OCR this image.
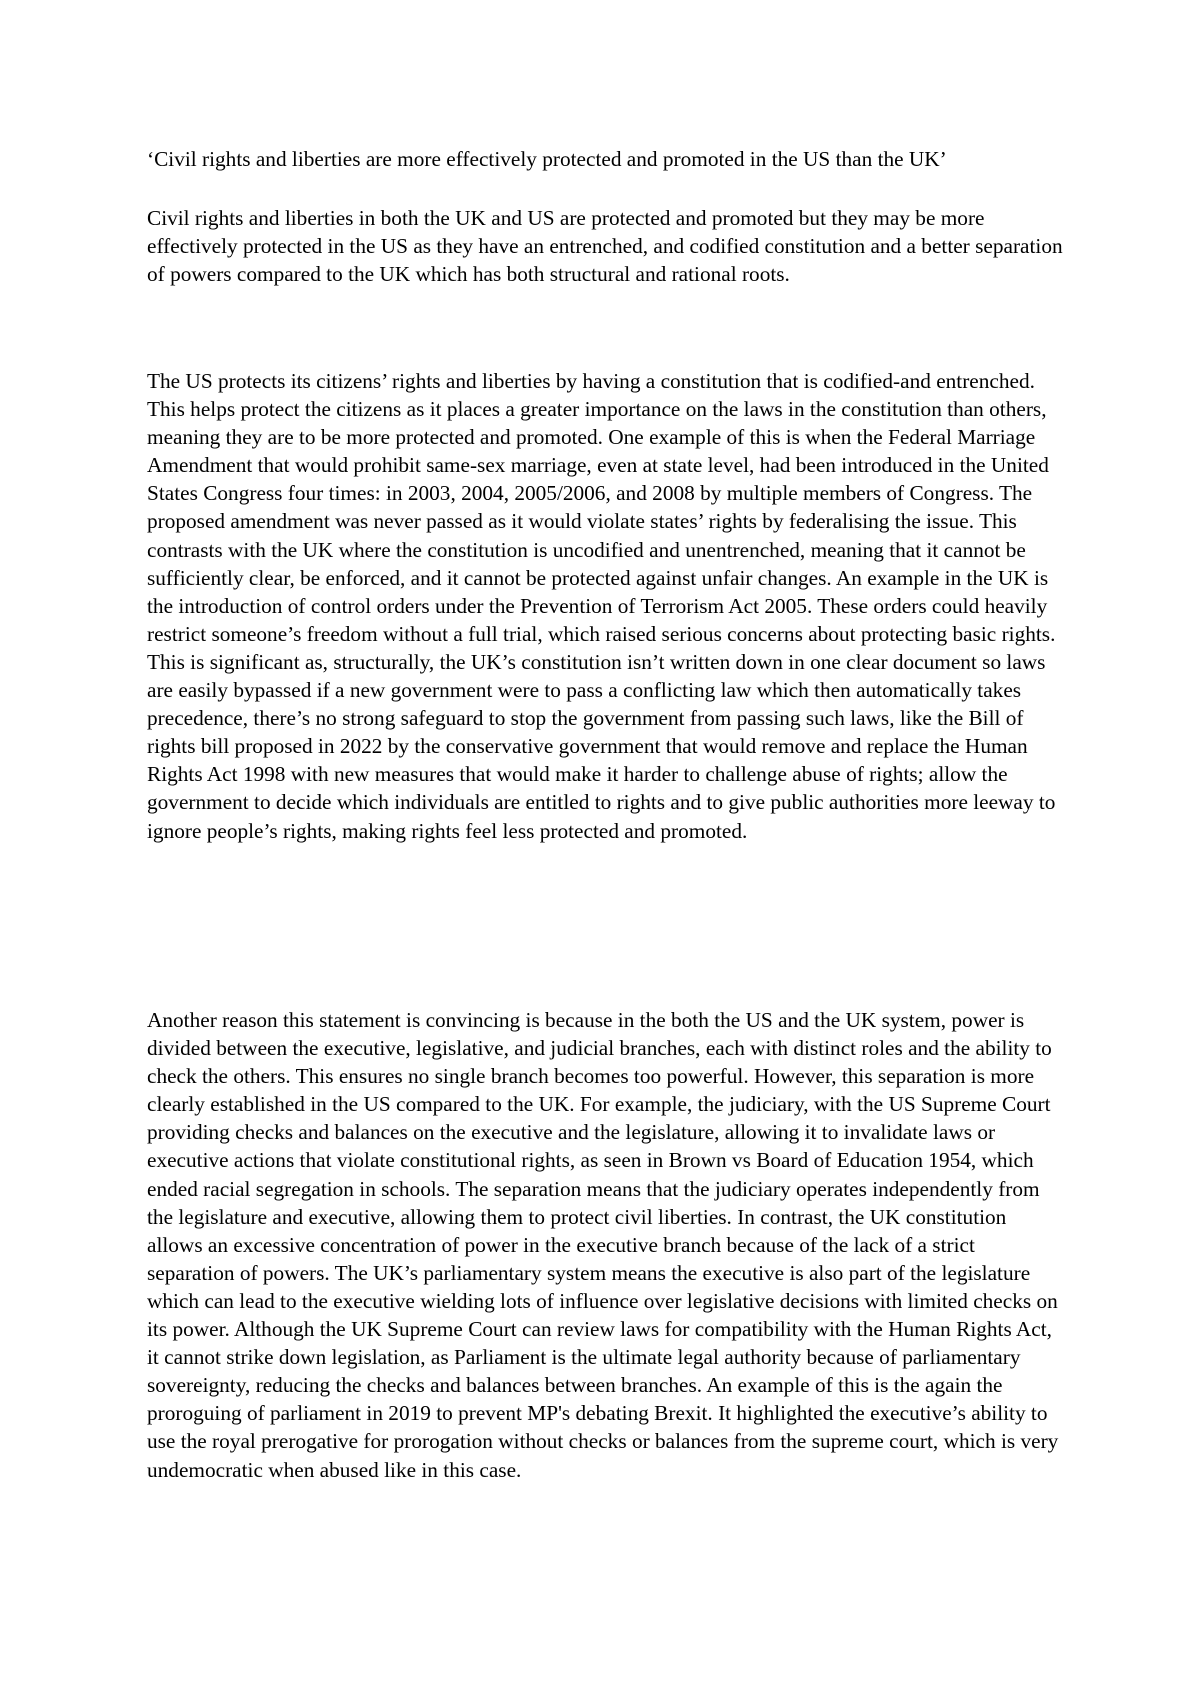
‘Civil rights and liberties are more effectively protected and promoted in the US than the UK’

Civil rights and liberties in both the UK and US are protected and promoted but they may be more effectively protected in the US as they have an entrenched, and codified constitution and a better separation of powers compared to the UK which has both structural and rational roots.

The US protects its citizens’ rights and liberties by having a constitution that is codified-and entrenched. This helps protect the citizens as it places a greater importance on the laws in the constitution than others, meaning they are to be more protected and promoted. One example of this is when the Federal Marriage Amendment that would prohibit same-sex marriage, even at state level, had been introduced in the United States Congress four times: in 2003, 2004, 2005/2006, and 2008 by multiple members of Congress. The proposed amendment was never passed as it would violate states’ rights by federalising the issue. This contrasts with the UK where the constitution is uncodified and unentrenched, meaning that it cannot be sufficiently clear, be enforced, and it cannot be protected against unfair changes. An example in the UK is the introduction of control orders under the Prevention of Terrorism Act 2005. These orders could heavily restrict someone’s freedom without a full trial, which raised serious concerns about protecting basic rights. This is significant as, structurally, the UK’s constitution isn’t written down in one clear document so laws are easily bypassed if a new government were to pass a conflicting law which then automatically takes precedence, there’s no strong safeguard to stop the government from passing such laws, like the Bill of rights bill proposed in 2022 by the conservative government that would remove and replace the Human Rights Act 1998 with new measures that would make it harder to challenge abuse of rights; allow the government to decide which individuals are entitled to rights and to give public authorities more leeway to ignore people’s rights, making rights feel less protected and promoted.

Another reason this statement is convincing is because in the both the US and the UK system, power is divided between the executive, legislative, and judicial branches, each with distinct roles and the ability to check the others. This ensures no single branch becomes too powerful. However, this separation is more clearly established in the US compared to the UK. For example, the judiciary, with the US Supreme Court providing checks and balances on the executive and the legislature, allowing it to invalidate laws or executive actions that violate constitutional rights, as seen in Brown vs Board of Education 1954, which ended racial segregation in schools. The separation means that the judiciary operates independently from the legislature and executive, allowing them to protect civil liberties. In contrast, the UK constitution allows an excessive concentration of power in the executive branch because of the lack of a strict separation of powers. The UK’s parliamentary system means the executive is also part of the legislature which can lead to the executive wielding lots of influence over legislative decisions with limited checks on its power. Although the UK Supreme Court can review laws for compatibility with the Human Rights Act, it cannot strike down legislation, as Parliament is the ultimate legal authority because of parliamentary sovereignty, reducing the checks and balances between branches. An example of this is the again the proroguing of parliament in 2019 to prevent MP's debating Brexit. It highlighted the executive’s ability to use the royal prerogative for prorogation without checks or balances from the supreme court, which is very undemocratic when abused like in this case.
